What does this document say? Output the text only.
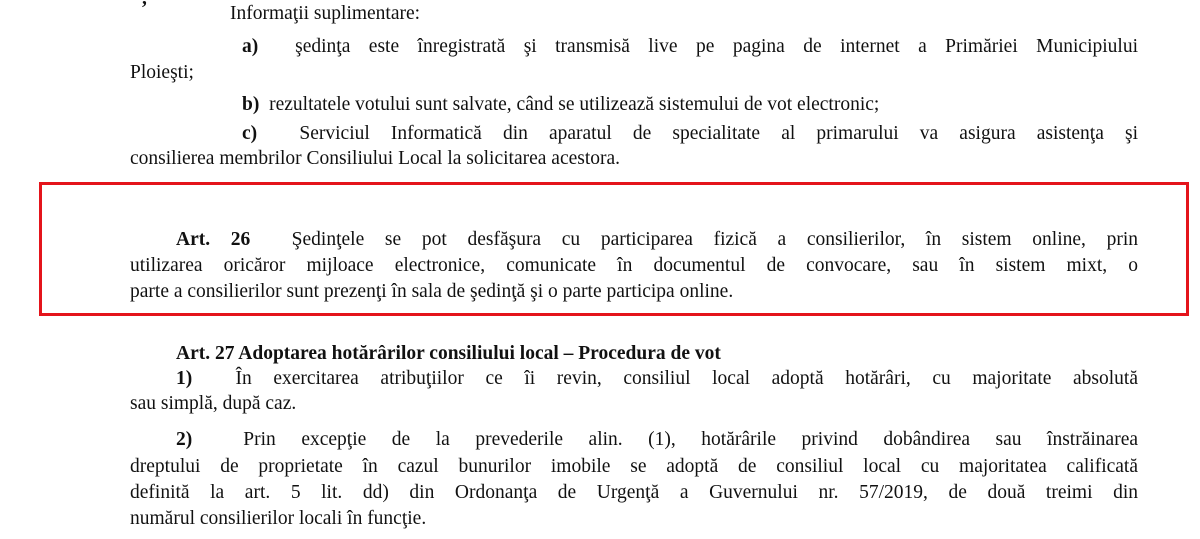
Informaţii suplimentare:
a) şedinţa este înregistrată şi transmisă live pe pagina de internet a Primăriei Municipiului
Ploieşti;
b) rezultatele votului sunt salvate, când se utilizează sistemului de vot electronic;
c) Serviciul Informatică din aparatul de specialitate al primarului va asigura asistenţa şi
consilierea membrilor Consiliului Local la solicitarea acestora.
Art. 26 Şedinţele se pot desfăşura cu participarea fizică a consilierilor, în sistem online, prin
utilizarea oricăror mijloace electronice, comunicate în documentul de convocare, sau în sistem mixt, o
parte a consilierilor sunt prezenţi în sala de şedinţă şi o parte participa online.
Art. 27 Adoptarea hotărârilor consiliului local – Procedura de vot
1) În exercitarea atribuţiilor ce îi revin, consiliul local adoptă hotărâri, cu majoritate absolută
sau simplă, după caz.
2)	Prin excepţie de la prevederile alin. (1), hotărârile privind dobândirea sau înstrăinarea
dreptului de proprietate în cazul bunurilor imobile se adoptă de consiliul local cu majoritatea calificată
definită la art. 5 lit. dd) din Ordonanţa de Urgenţă a Guvernului nr. 57/2019, de două treimi din
numărul consilierilor locali în funcţie.
